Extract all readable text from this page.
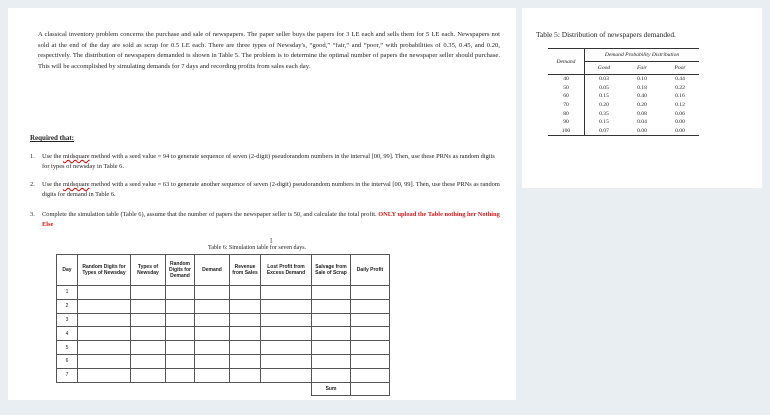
A classical inventory problem concerns the purchase and sale of newspapers. The paper seller buys the papers for 3 LE each and sells them for 5 LE each. Newspapers not sold at the end of the day are sold as scrap for 0.5 LE each. There are three types of Newsday's, “good,” “fair,” and “poor,” with probabilities of 0.35, 0.45, and 0.20, respectively. The distribution of newspapers demanded is shown in Table 5. The problem is to determine the optimal number of papers the newspaper seller should purchase. This will be accomplished by simulating demands for 7 days and recording profits from sales each day.
Required that:
1. Use the midsquare method with a seed value = 94 to generate sequence of seven (2-digit) pseudorandom numbers in the interval [00, 99]. Then, use these PRNs as random digits for types of newsday in Table 6.
2. Use the midsquare method with a seed value = 63 to generate another sequence of seven (2-digit) pseudorandom numbers in the interval [00, 99]. Then, use these PRNs as random digits for demand in Table 6.
3. Complete the simulation table (Table 6), assume that the number of papers the newspaper seller is 50, and calculate the total profit. ONLY upload the Table nothing her Nothing Else
I
Table 6: Simulation table for seven days.
Day	Random Digits for Types of Newsday	Types of Newsday	Random Digits for Demand	Demand	Revenue from Sales	Lost Profit from Excess Demand	Salvage from Sale of Scrap	Daily Profit
1								
2								
3								
4								
5								
6								
7								
							Sum	
Table 5: Distribution of newspapers demanded.
Demand	Demand Probability Distribution		
	Good	Fair	Poor
40	0.03	0.10	0.44
50	0.05	0.18	0.22
60	0.15	0.40	0.16
70	0.20	0.20	0.12
80	0.35	0.08	0.06
90	0.15	0.04	0.00
100	0.07	0.00	0.00
